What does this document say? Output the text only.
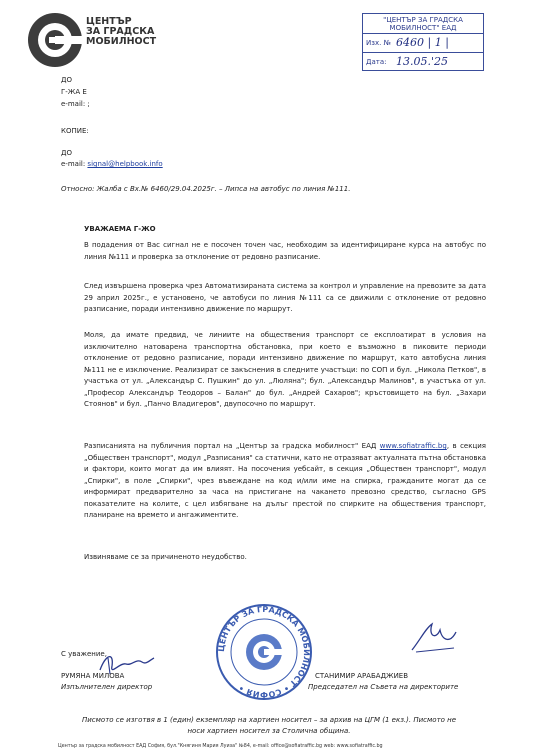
ЦЕНТЪР
ЗА ГРАДСКА
МОБИЛНОСТ
"ЦЕНТЪР ЗА ГРАДСКА МОБИЛНОСТ" ЕАД
Изх. № 6460 | 1 |
Дата: 13.05.'25
ДО
Г-ЖА Е
e-mail: ;
КОПИЕ:
ДО
e-mail: signal@helpbook.info
Относно: Жалба с Вх.№ 6460/29.04.2025г. – Липса на автобус по линия №111.
УВАЖАЕМА Г-ЖО
В подадения от Вас сигнал не е посочен точен час, необходим за идентифициране курса на автобус по линия №111 и проверка за отклонение от редовно разписание.
След извършена проверка чрез Автоматизираната система за контрол и управление на превозите за дата 29 април 2025г., е установено, че автобуси по линия №111 са се движили с отклонение от редовно разписание, поради интензивно движение по маршрут.
Моля, да имате предвид, че линиите на обществения транспорт се експлоатират в условия на изключително натоварена транспортна обстановка, при което е възможно в пиковите периоди отклонение от редовно разписание, поради интензивно движение по маршрут, като автобусна линия №111 не е изключение. Реализират се закъснения в следните участъци: по СОП и бул. „Никола Петков", в участъка от ул. „Александър С. Пушкин" до ул. „Люляна"; бул. „Александър Малинов", в участъка от ул. „Професор Александър Теодоров – Балан" до бул. „Андрей Сахаров"; кръстовището на бул. „Захари Стоянов" и бул. „Панчо Владигеров", двупосочно по маршрут.
Разписанията на публичния портал на „Център за градска мобилност" ЕАД www.sofiatraffic.bg, в секция „Обществен транспорт", модул „Разписания" са статични, като не отразяват актуалната пътна обстановка и фактори, които могат да им влияят. На посочения уебсайт, в секция „Обществен транспорт", модул „Спирки", в поле „Спирки", чрез въвеждане на код и/или име на спирка, гражданите могат да се информират предварително за часа на пристигане на чакането превозно средство, съгласно GPS показателите на колите, с цел избягване на дълъг престой по спирките на обществения транспорт, планиране на времето и ангажиментите.
Извиняваме се за причиненото неудобство.
ЦЕНТЪР ЗА ГРАДСКА МОБИЛНОСТ • СОФИЯ •
С уважение,
РУМЯНА МИЛОВА
Изпълнителен директор
СТАНИМИР АРАБАДЖИЕВ
Председател на Съвета на директорите
Писмото се изготвя в 1 (един) екземпляр на хартиен носител – за архив на ЦГМ (1 екз.). Писмото не
носи хартиен носител за Столична община.
Център за градска мобилност ЕАД София, бул."Княгиня Мария Луиза" №84, e-mail: office@sofiatraffic.bg web: www.sofiatraffic.bg
